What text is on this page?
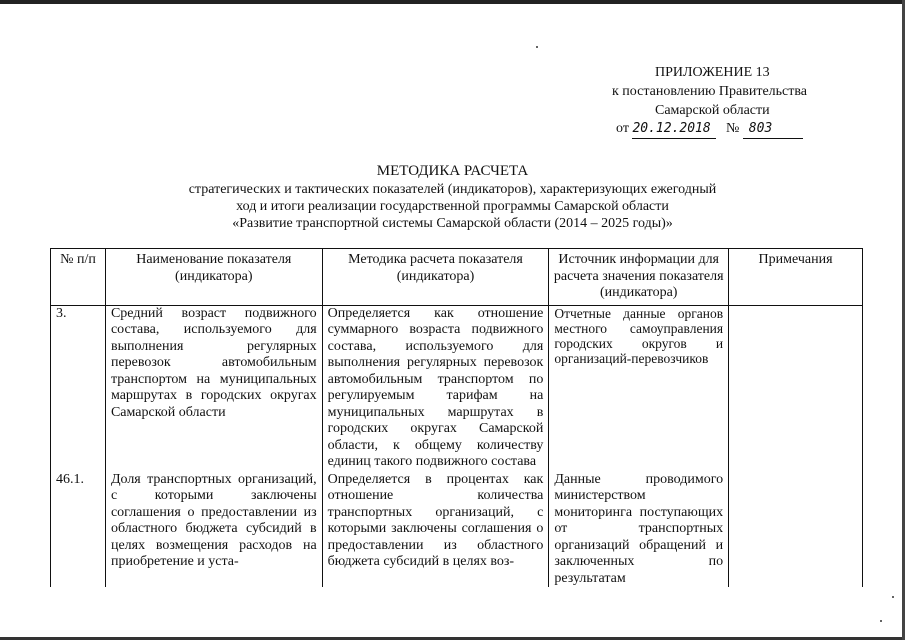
ПРИЛОЖЕНИЕ 13
к постановлению Правительства
Самарской области
от 20.12.2018 № 803
МЕТОДИКА РАСЧЕТА
стратегических и тактических показателей (индикаторов), характеризующих ежегодный
ход и итоги реализации государственной программы Самарской области
«Развитие транспортной системы Самарской области (2014 – 2025 годы)»
№ п/п	Наименование показателя (индикатора)	Методика расчета показателя (индикатора)	Источник информации для расчета значения показателя (индикатора)	Примечания
3.	Средний возраст подвижного состава, используемого для выполнения регулярных перевозок автомобильным транспортом на муниципальных маршрутах в городских округах Самарской области	Определяется как отношение суммарного возраста подвижного состава, используемого для выполнения регулярных перевозок автомобильным транспортом по регулируемым тарифам на муниципальных маршрутах в городских округах Самарской области, к общему количеству единиц такого подвижного состава	Отчетные данные органов местного самоуправления городских округов и организаций-перевозчиков	
46.1.	Доля транспортных организаций, с которыми заключены соглашения о предоставлении из областного бюджета субсидий в целях возмещения расходов на приобретение и уста-	Определяется в процентах как отношение количества транспортных организаций, с которыми заключены соглашения о предоставлении из областного бюджета субсидий в целях воз-	Данные проводимого министерством мониторинга поступающих от транспортных организаций обращений и заключенных по результатам	
